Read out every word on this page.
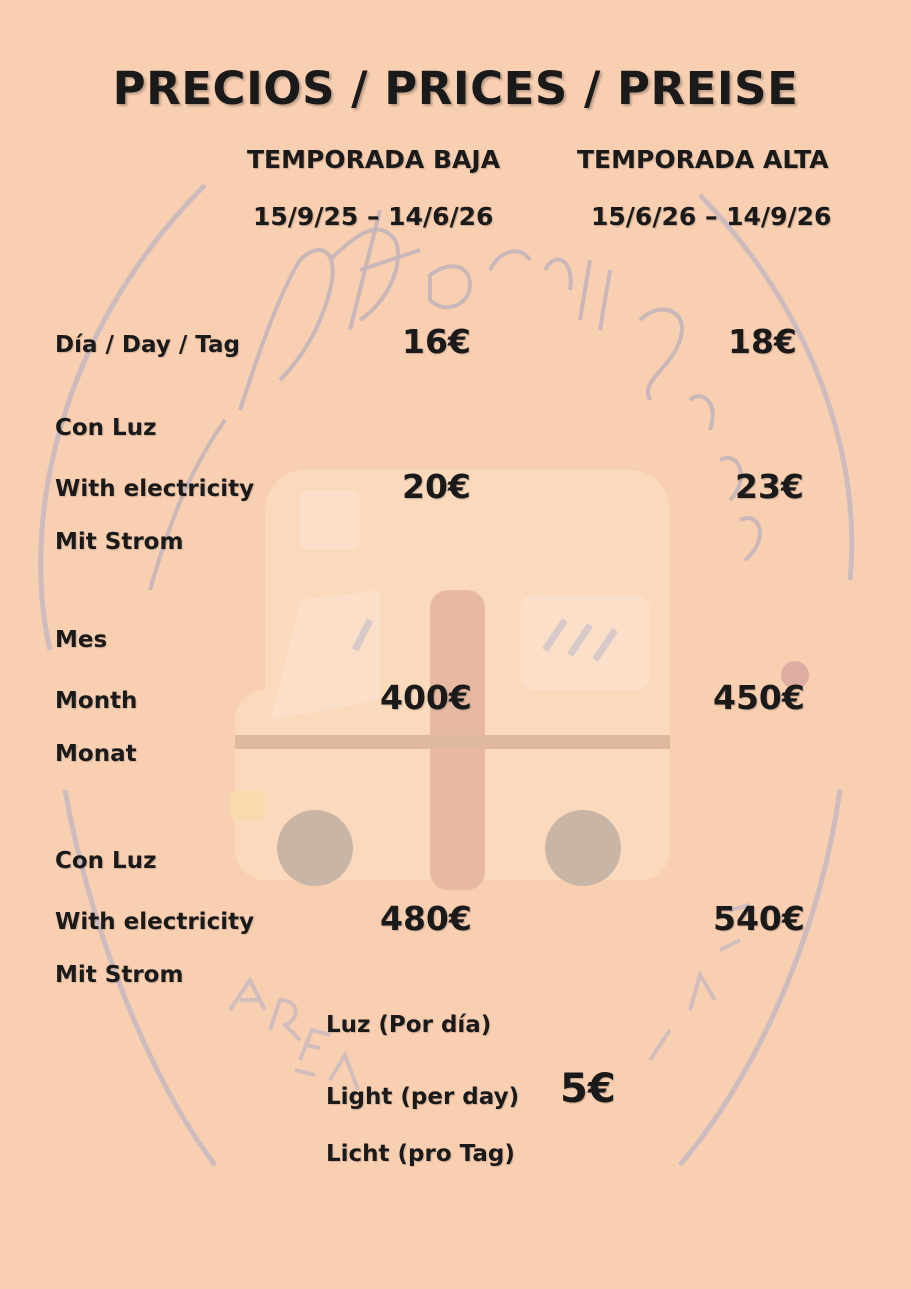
PRECIOS / PRICES / PREISE
TEMPORADA BAJA	TEMPORADA ALTA
15/9/25 – 14/6/26	15/6/26 – 14/9/26
Día / Day / Tag	16€	18€
Con Luz
With electricity
Mit Strom
20€	23€
Mes
Month
Monat
400€	450€
Con Luz
With electricity
Mit Strom
480€	540€
Luz (Por día)
Light (per day)
Licht (pro Tag)
5€
